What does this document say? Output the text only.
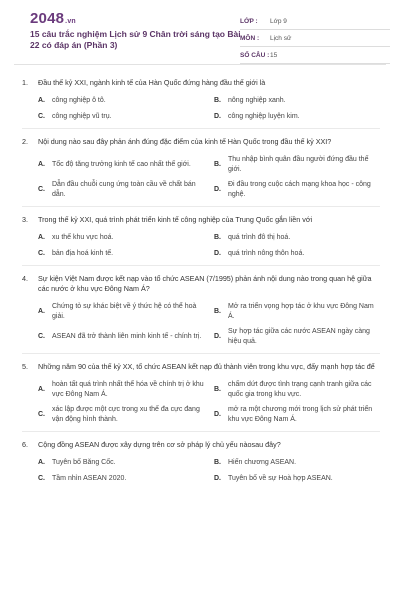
2048.vn
15 câu trắc nghiệm Lịch sử 9 Chân trời sáng tạo Bài 22 có đáp án (Phần 3)
LỚP :	Lớp 9
MÔN :	Lịch sử
SỐ CÂU : 15
1.	Đầu thế kỷ XXI, ngành kinh tế của Hàn Quốc đứng hàng đầu thế giới là
A.	công nghiệp ô tô.	B.	nông nghiệp xanh.
C.	công nghiệp vũ trụ.	D.	công nghiệp luyện kim.
2.	Nội dung nào sau đây phản ánh đúng đặc điểm của kinh tế Hàn Quốc trong đầu thế kỷ XXI?
A.	Tốc độ tăng trưởng kinh tế cao nhất thế giới.	B.
Thu nhập bình quân đầu người đứng đầu thế giới.
C.
Dẫn đầu chuỗi cung ứng toàn cầu về chất bán dẫn.
D.
Đi đầu trong cuộc cách mạng khoa học - công nghệ.
3.	Trong thế kỷ XXI, quá trình phát triển kinh tế công nghiệp của Trung Quốc gắn liền với
A.	xu thế khu vực hoá.	B.	quá trình đô thị hoá.
C.	bản địa hoá kinh tế.	D.	quá trình nông thôn hoá.
4.	Sự kiện Việt Nam được kết nạp vào tổ chức ASEAN (7/1995) phản ánh nội dung nào trong quan hệ giữa các nước ở khu vực Đông Nam Á?
A.
Chứng tỏ sự khác biệt về ý thức hệ có thể hoà giải.
B.
Mở ra triển vọng hợp tác ở khu vực Đông Nam Á.
C.	ASEAN đã trở thành liên minh kinh tế - chính trị.	D.
Sự hợp tác giữa các nước ASEAN ngày càng hiệu quả.
5.	Những năm 90 của thế kỷ XX, tổ chức ASEAN kết nạp đủ thành viên trong khu vực, đấy mạnh hợp tác để
A.
hoàn tất quá trình nhất thể hóa về chính trị ở khu vực Đông Nam Á.
B.
chấm dứt được tình trạng cạnh tranh giữa các quốc gia trong khu vực.
C.
xác lập được một cực trong xu thế đa cực đang vận động hình thành.
D.
mở ra một chương mới trong lịch sử phát triển khu vực Đông Nam Á.
6.	Cộng đồng ASEAN được xây dựng trên cơ sở pháp lý chủ yếu nàosau đây?
A.	Tuyên bố Băng Cốc.	B.	Hiến chương ASEAN.
C.	Tầm nhìn ASEAN 2020.	D.	Tuyên bố về sự Hoà hợp ASEAN.
